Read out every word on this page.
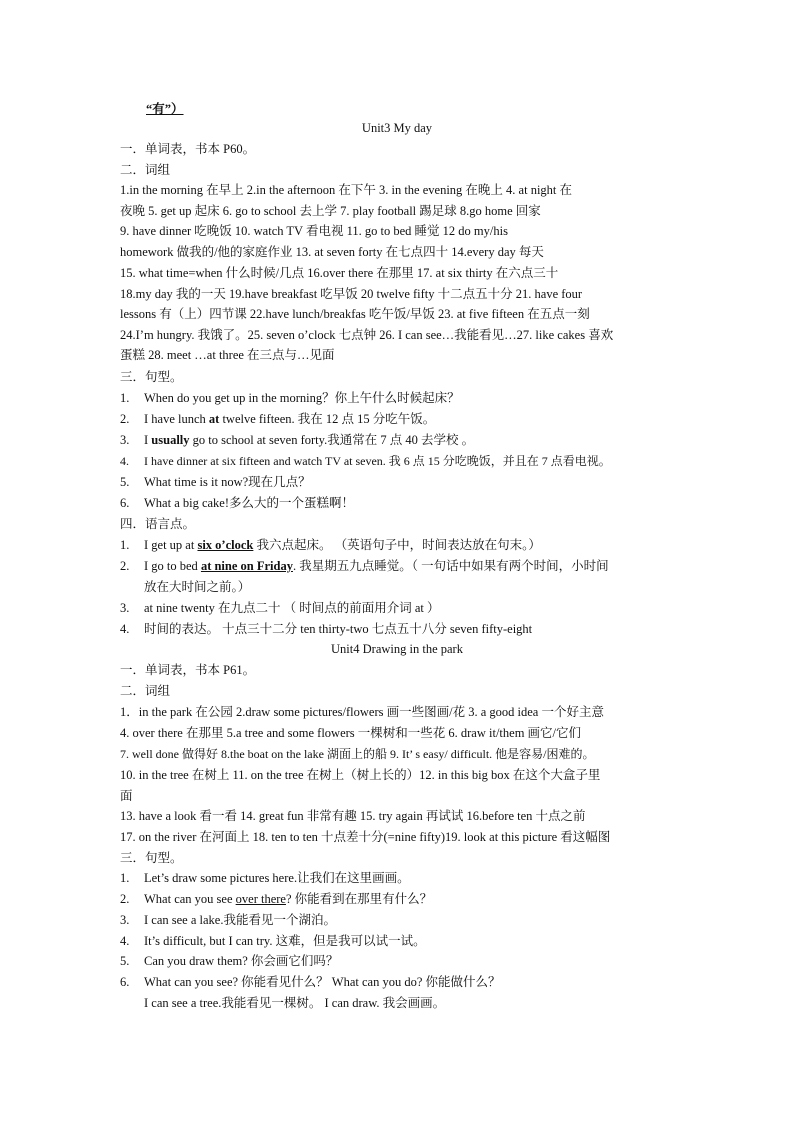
“有”）
Unit3 My day
一．单词表，书本 P60。
二．词组
1.in the morning 在早上 2.in the afternoon 在下午 3. in the evening 在晚上 4. at night 在
夜晚 5. get up 起床 6. go to school 去上学 7. play football 踢足球 8.go home 回家
9. have dinner 吃晚饭 10. watch TV 看电视 11. go to bed 睡觉 12 do my/his
homework 做我的/他的家庭作业 13. at seven forty 在七点四十 14.every day 每天
15. what time=when 什么时候/几点 16.over there 在那里 17. at six thirty 在六点三十
18.my day 我的一天 19.have breakfast 吃早饭 20 twelve fifty 十二点五十分 21. have four
lessons 有（上）四节课 22.have lunch/breakfas 吃午饭/早饭 23. at five fifteen 在五点一刻
24.I’m hungry. 我饿了。25. seven o’clock 七点钟 26. I can see…我能看见…27. like cakes 喜欢
蛋糕 28. meet …at three 在三点与…见面
三．句型。
1. When do you get up in the morning？你上午什么时候起床？
2. I have lunch at twelve fifteen. 我在 12 点 15 分吃午饭。
3. I usually go to school at seven forty.我通常在 7 点 40 去学校 。
4. I have dinner at six fifteen and watch TV at seven. 我 6 点 15 分吃晚饭，并且在 7 点看电视。
5. What time is it now?现在几点？
6. What a big cake!多么大的一个蛋糕啊！
四．语言点。
1. I get up at six o’clock 我六点起床。 （英语句子中，时间表达放在句末。）
2. I go to bed at nine on Friday. 我星期五九点睡觉。（ 一句话中如果有两个时间，小时间
放在大时间之前。）
3. at nine twenty 在九点二十 （ 时间点的前面用介词 at ）
4. 时间的表达。 十点三十二分 ten thirty-two 七点五十八分 seven fifty-eight
Unit4 Drawing in the park
一．单词表，书本 P61。
二．词组
1．in the park 在公园 2.draw some pictures/flowers 画一些图画/花 3. a good idea 一个好主意
4. over there 在那里 5.a tree and some flowers 一棵树和一些花 6. draw it/them 画它/它们
7. well done 做得好 8.the boat on the lake 湖面上的船 9. It’ s easy/ difficult. 他是容易/困难的。
10. in the tree 在树上 11. on the tree 在树上（树上长的）12. in this big box 在这个大盒子里
面
13. have a look 看一看 14. great fun 非常有趣 15. try again 再试试 16.before ten 十点之前
17. on the river 在河面上 18. ten to ten 十点差十分(=nine fifty)19. look at this picture 看这幅图
三．句型。
1. Let’s draw some pictures here.让我们在这里画画。
2. What can you see over there? 你能看到在那里有什么？
3. I can see a lake.我能看见一个湖泊。
4. It’s difficult, but I can try. 这难，但是我可以试一试。
5. Can you draw them? 你会画它们吗？
6. What can you see? 你能看见什么？ What can you do? 你能做什么？
I can see a tree.我能看见一棵树。 I can draw. 我会画画。
